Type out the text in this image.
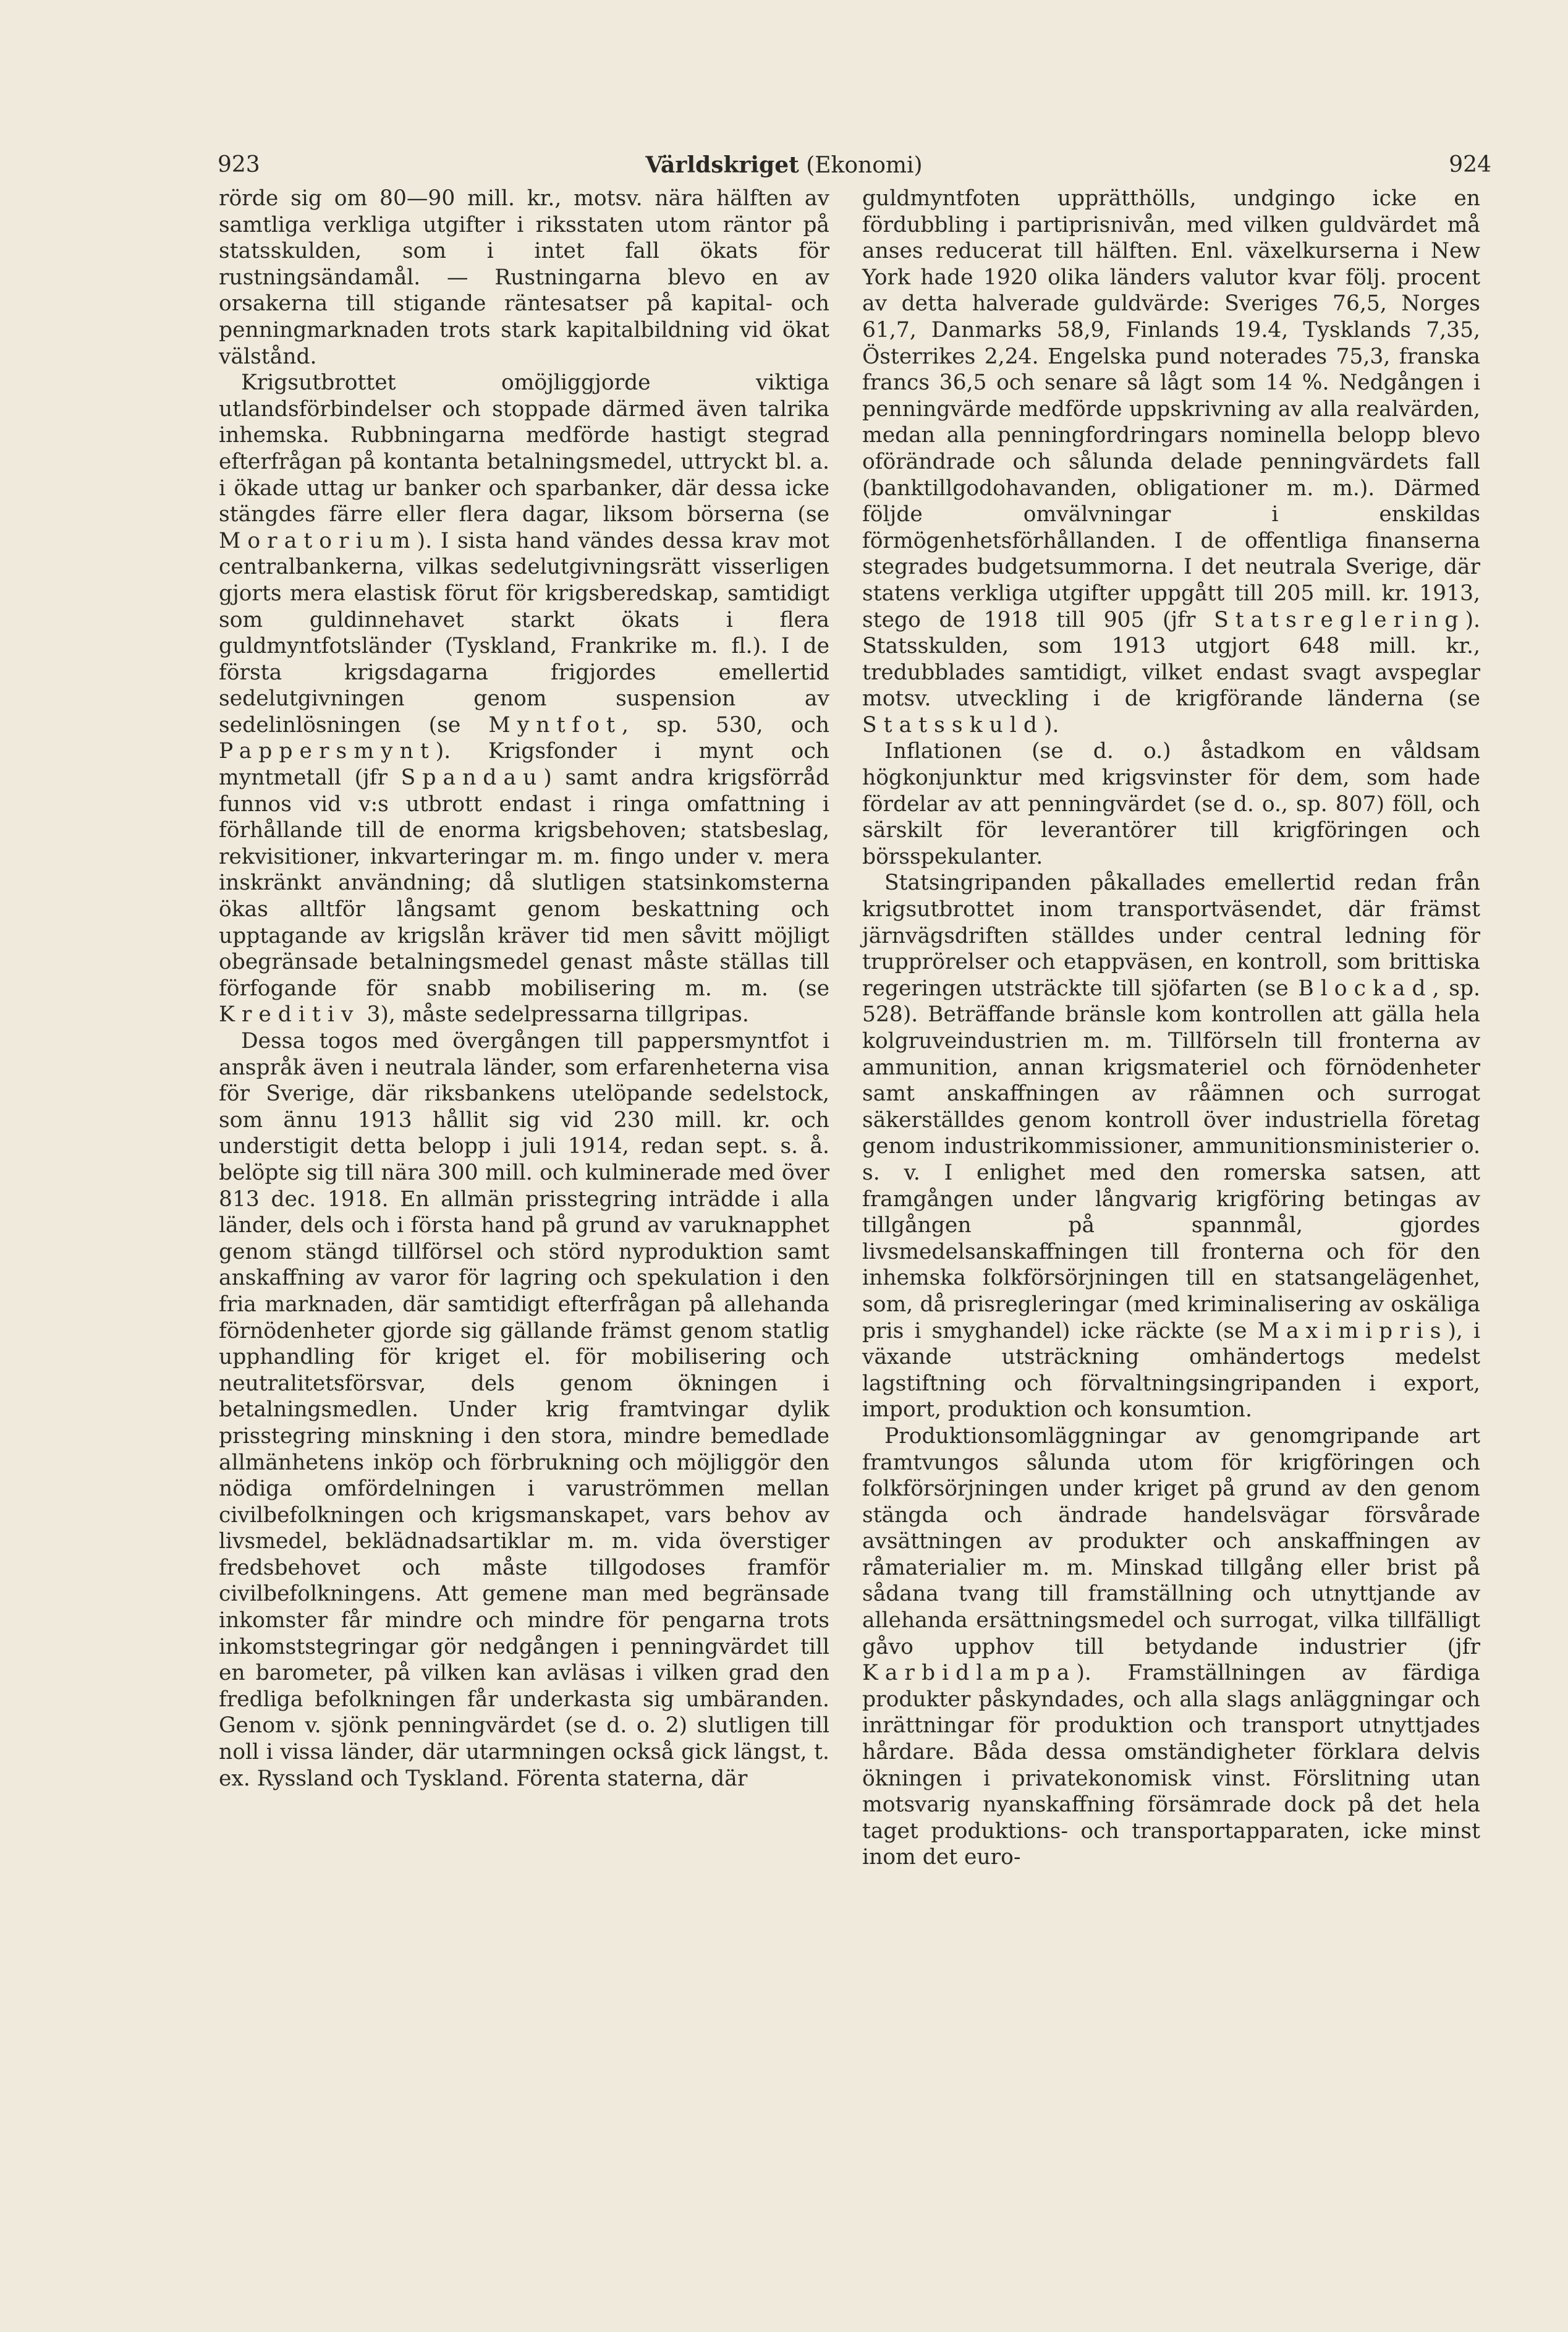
923	Världskriget (Ekonomi)	924

rörde sig om 80—90 mill. kr., motsv. nära hälften av samtliga verkliga utgifter i riksstaten utom räntor på statsskulden, som i intet fall ökats för rustningsändamål. — Rustningarna blevo en av orsakerna till stigande räntesatser på kapital- och penningmarknaden trots stark kapitalbildning vid ökat välstånd.

Krigsutbrottet omöjliggjorde viktiga utlandsförbindelser och stoppade därmed även talrika inhemska. Rubbningarna medförde hastigt stegrad efterfrågan på kontanta betalningsmedel, uttryckt bl. a. i ökade uttag ur banker och sparbanker, där dessa icke stängdes färre eller flera dagar, liksom börserna (se Moratorium). I sista hand vändes dessa krav mot centralbankerna, vilkas sedelutgivningsrätt visserligen gjorts mera elastisk förut för krigsberedskap, samtidigt som guldinnehavet starkt ökats i flera guldmyntfotsländer (Tyskland, Frankrike m. fl.). I de första krigsdagarna frigjordes emellertid sedelutgivningen genom suspension av sedelinlösningen (se Myntfot, sp. 530, och Pappersmynt). Krigsfonder i mynt och myntmetall (jfr Spandau) samt andra krigsförråd funnos vid v:s utbrott endast i ringa omfattning i förhållande till de enorma krigsbehoven; statsbeslag, rekvisitioner, inkvarteringar m. m. fingo under v. mera inskränkt användning; då slutligen statsinkomsterna ökas alltför långsamt genom beskattning och upptagande av krigslån kräver tid men såvitt möjligt obegränsade betalningsmedel genast måste ställas till förfogande för snabb mobilisering m. m. (se Kreditiv 3), måste sedelpressarna tillgripas.

Dessa togos med övergången till pappersmyntfot i anspråk även i neutrala länder, som erfarenheterna visa för Sverige, där riksbankens utelöpande sedelstock, som ännu 1913 hållit sig vid 230 mill. kr. och understigit detta belopp i juli 1914, redan sept. s. å. belöpte sig till nära 300 mill. och kulminerade med över 813 dec. 1918. En allmän prisstegring inträdde i alla länder, dels och i första hand på grund av varuknapphet genom stängd tillförsel och störd nyproduktion samt anskaffning av varor för lagring och spekulation i den fria marknaden, där samtidigt efterfrågan på allehanda förnödenheter gjorde sig gällande främst genom statlig upphandling för kriget el. för mobilisering och neutralitetsförsvar, dels genom ökningen i betalningsmedlen. Under krig framtvingar dylik prisstegring minskning i den stora, mindre bemedlade allmänhetens inköp och förbrukning och möjliggör den nödiga omfördelningen i varuströmmen mellan civilbefolkningen och krigsmanskapet, vars behov av livsmedel, beklädnadsartiklar m. m. vida överstiger fredsbehovet och måste tillgodoses framför civilbefolkningens. Att gemene man med begränsade inkomster får mindre och mindre för pengarna trots inkomststegringar gör nedgången i penningvärdet till en barometer, på vilken kan avläsas i vilken grad den fredliga befolkningen får underkasta sig umbäranden. Genom v. sjönk penningvärdet (se d. o. 2) slutligen till noll i vissa länder, där utarmningen också gick längst, t. ex. Ryssland och Tyskland. Förenta staterna, där

guldmyntfoten upprätthölls, undgingo icke en fördubbling i partiprisnivån, med vilken guldvärdet må anses reducerat till hälften. Enl. växelkurserna i New York hade 1920 olika länders valutor kvar följ. procent av detta halverade guldvärde: Sveriges 76,5, Norges 61,7, Danmarks 58,9, Finlands 19.4, Tysklands 7,35, Österrikes 2,24. Engelska pund noterades 75,3, franska francs 36,5 och senare så lågt som 14 %. Nedgången i penningvärde medförde uppskrivning av alla realvärden, medan alla penningfordringars nominella belopp blevo oförändrade och sålunda delade penningvärdets fall (banktillgodohavanden, obligationer m. m.). Därmed följde omvälvningar i enskildas förmögenhetsförhållanden. I de offentliga finanserna stegrades budgetsummorna. I det neutrala Sverige, där statens verkliga utgifter uppgått till 205 mill. kr. 1913, stego de 1918 till 905 (jfr Statsreglering). Statsskulden, som 1913 utgjort 648 mill. kr., tredubblades samtidigt, vilket endast svagt avspeglar motsv. utveckling i de krigförande länderna (se Statsskuld).

Inflationen (se d. o.) åstadkom en våldsam högkonjunktur med krigsvinster för dem, som hade fördelar av att penningvärdet (se d. o., sp. 807) föll, och särskilt för leverantörer till krigföringen och börsspekulanter.

Statsingripanden påkallades emellertid redan från krigsutbrottet inom transportväsendet, där främst järnvägsdriften ställdes under central ledning för trupprörelser och etappväsen, en kontroll, som brittiska regeringen utsträckte till sjöfarten (se Blockad, sp. 528). Beträffande bränsle kom kontrollen att gälla hela kolgruveindustrien m. m. Tillförseln till fronterna av ammunition, annan krigsmateriel och förnödenheter samt anskaffningen av råämnen och surrogat säkerställdes genom kontroll över industriella företag genom industrikommissioner, ammunitionsministerier o. s. v. I enlighet med den romerska satsen, att framgången under långvarig krigföring betingas av tillgången på spannmål, gjordes livsmedelsanskaffningen till fronterna och för den inhemska folkförsörjningen till en statsangelägenhet, som, då prisregleringar (med kriminalisering av oskäliga pris i smyghandel) icke räckte (se Maximipris), i växande utsträckning omhändertogs medelst lagstiftning och förvaltningsingripanden i export, import, produktion och konsumtion.

Produktionsomläggningar av genomgripande art framtvungos sålunda utom för krigföringen och folkförsörjningen under kriget på grund av den genom stängda och ändrade handelsvägar försvårade avsättningen av produkter och anskaffningen av råmaterialier m. m. Minskad tillgång eller brist på sådana tvang till framställning och utnyttjande av allehanda ersättningsmedel och surrogat, vilka tillfälligt gåvo upphov till betydande industrier (jfr Karbidlampa). Framställningen av färdiga produkter påskyndades, och alla slags anläggningar och inrättningar för produktion och transport utnyttjades hårdare. Båda dessa omständigheter förklara delvis ökningen i privatekonomisk vinst. Förslitning utan motsvarig nyanskaffning försämrade dock på det hela taget produktions- och transportapparaten, icke minst inom det euro-
